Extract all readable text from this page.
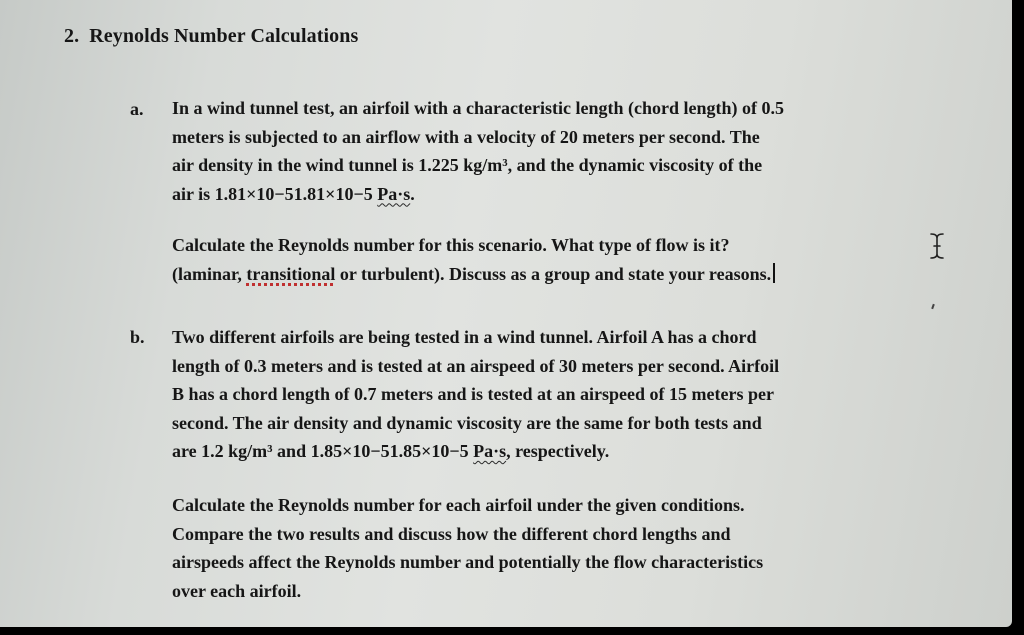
2. Reynolds Number Calculations
a. In a wind tunnel test, an airfoil with a characteristic length (chord length) of 0.5
meters is subjected to an airflow with a velocity of 20 meters per second. The
air density in the wind tunnel is 1.225 kg/m³, and the dynamic viscosity of the
air is 1.81×10−51.81×10−5 Pa·s.
Calculate the Reynolds number for this scenario. What type of flow is it?
(laminar, transitional or turbulent). Discuss as a group and state your reasons.
b. Two different airfoils are being tested in a wind tunnel. Airfoil A has a chord
length of 0.3 meters and is tested at an airspeed of 30 meters per second. Airfoil
B has a chord length of 0.7 meters and is tested at an airspeed of 15 meters per
second. The air density and dynamic viscosity are the same for both tests and
are 1.2 kg/m³ and 1.85×10−51.85×10−5 Pa·s, respectively.
Calculate the Reynolds number for each airfoil under the given conditions.
Compare the two results and discuss how the different chord lengths and
airspeeds affect the Reynolds number and potentially the flow characteristics
over each airfoil.
